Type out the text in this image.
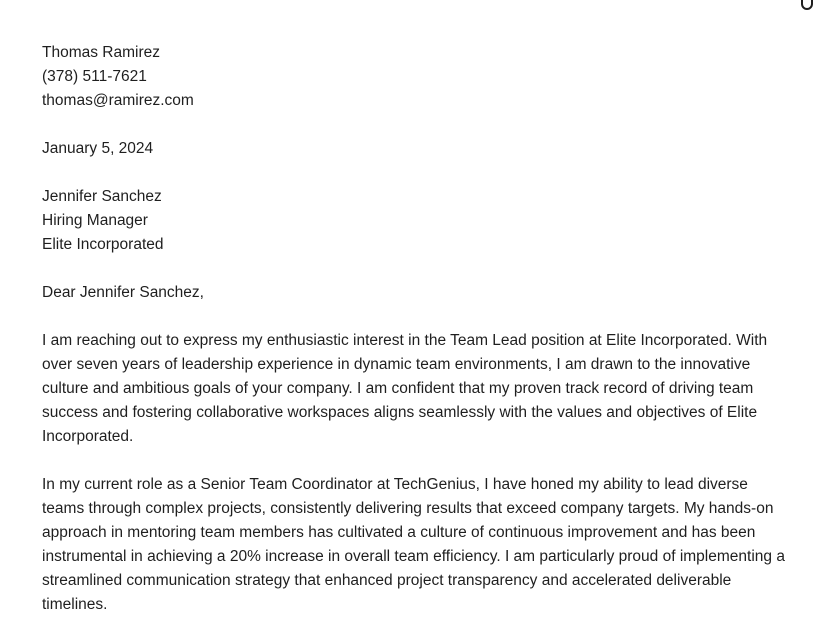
Thomas Ramirez
(378) 511-7621
thomas@ramirez.com
January 5, 2024
Jennifer Sanchez
Hiring Manager
Elite Incorporated
Dear Jennifer Sanchez,

I am reaching out to express my enthusiastic interest in the Team Lead position at Elite Incorporated. With over seven years of leadership experience in dynamic team environments, I am drawn to the innovative culture and ambitious goals of your company. I am confident that my proven track record of driving team success and fostering collaborative workspaces aligns seamlessly with the values and objectives of Elite Incorporated.

In my current role as a Senior Team Coordinator at TechGenius, I have honed my ability to lead diverse teams through complex projects, consistently delivering results that exceed company targets. My hands-on approach in mentoring team members has cultivated a culture of continuous improvement and has been instrumental in achieving a 20% increase in overall team efficiency. I am particularly proud of implementing a streamlined communication strategy that enhanced project transparency and accelerated deliverable timelines.
